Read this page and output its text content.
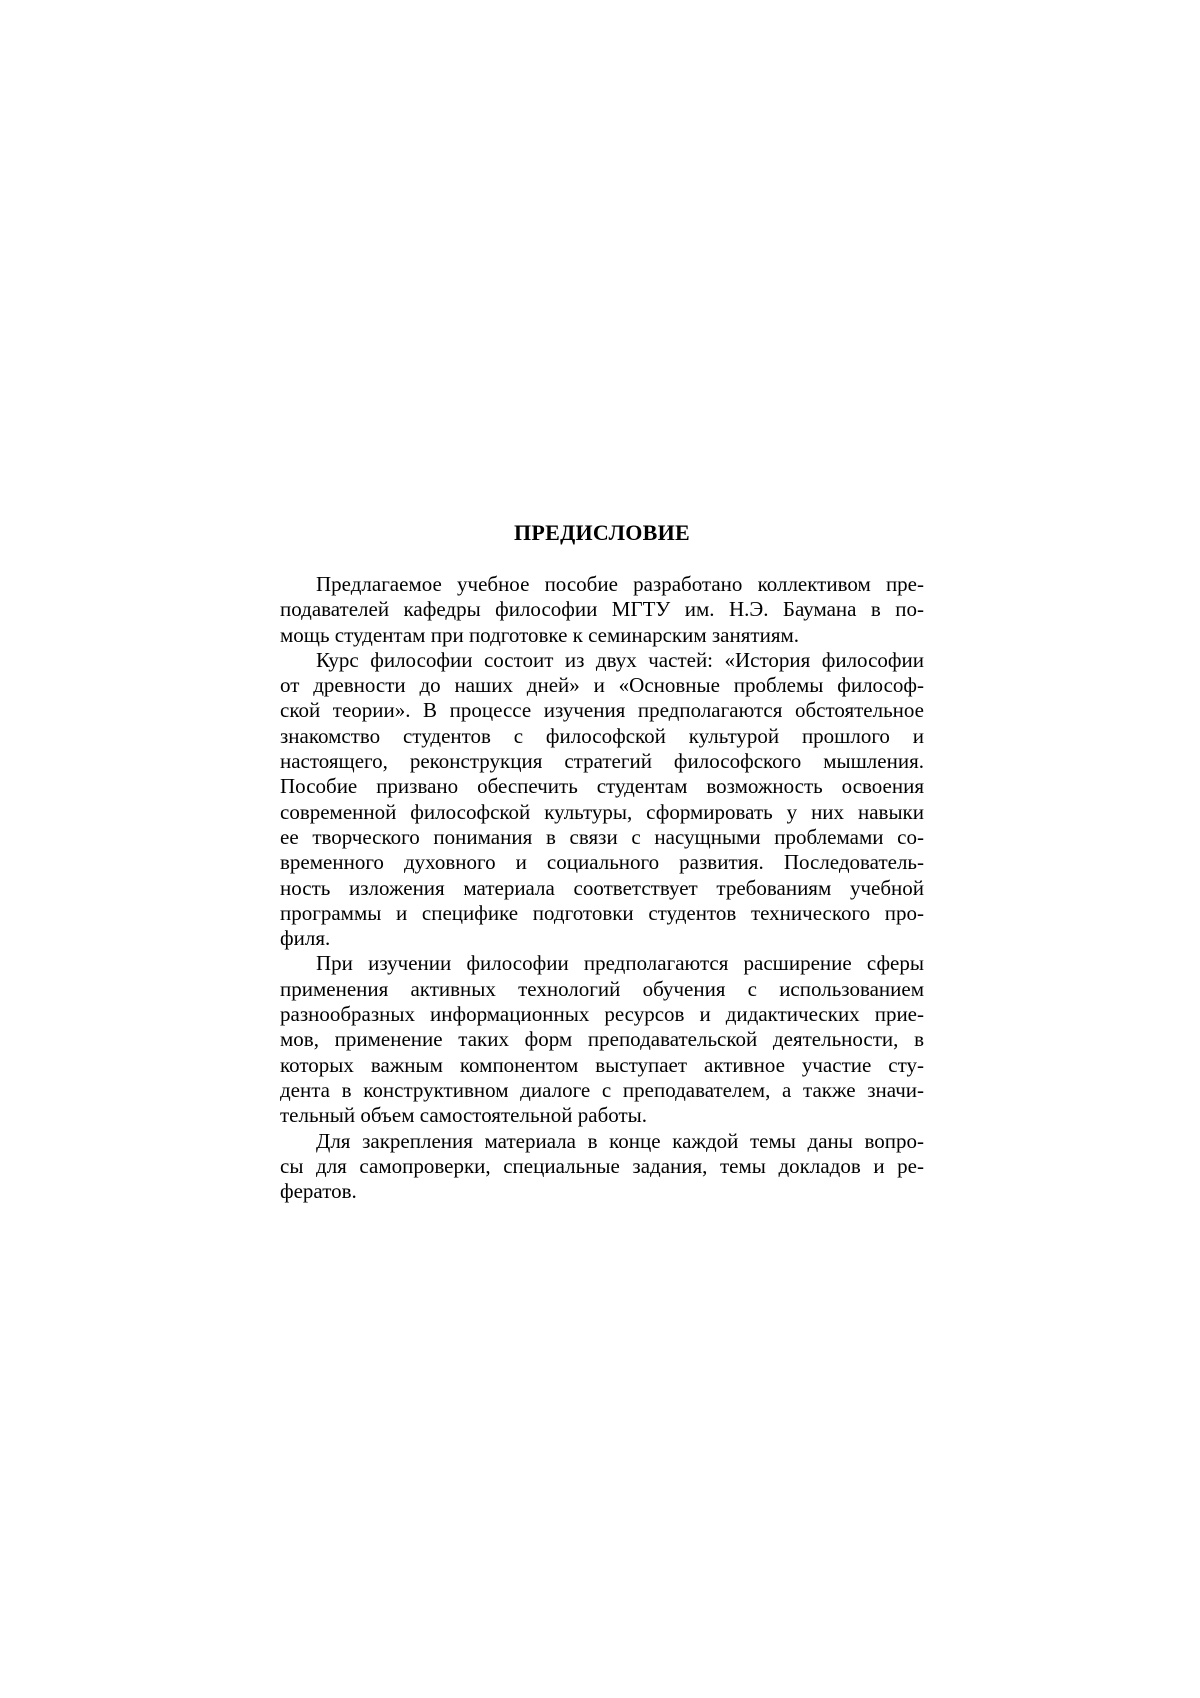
ПРЕДИСЛОВИЕ
Предлагаемое учебное пособие разработано коллективом пре-
подавателей кафедры философии МГТУ им. Н.Э. Баумана в по-
мощь студентам при подготовке к семинарским занятиям.
Курс философии состоит из двух частей: «История философии
от древности до наших дней» и «Основные проблемы философ-
ской теории». В процессе изучения предполагаются обстоятельное
знакомство студентов с философской культурой прошлого и
настоящего, реконструкция стратегий философского мышления.
Пособие призвано обеспечить студентам возможность освоения
современной философской культуры, сформировать у них навыки
ее творческого понимания в связи с насущными проблемами со-
временного духовного и социального развития. Последователь-
ность изложения материала соответствует требованиям учебной
программы и специфике подготовки студентов технического про-
филя.
При изучении философии предполагаются расширение сферы
применения активных технологий обучения с использованием
разнообразных информационных ресурсов и дидактических прие-
мов, применение таких форм преподавательской деятельности, в
которых важным компонентом выступает активное участие сту-
дента в конструктивном диалоге с преподавателем, а также значи-
тельный объем самостоятельной работы.
Для закрепления материала в конце каждой темы даны вопро-
сы для самопроверки, специальные задания, темы докладов и ре-
фератов.
